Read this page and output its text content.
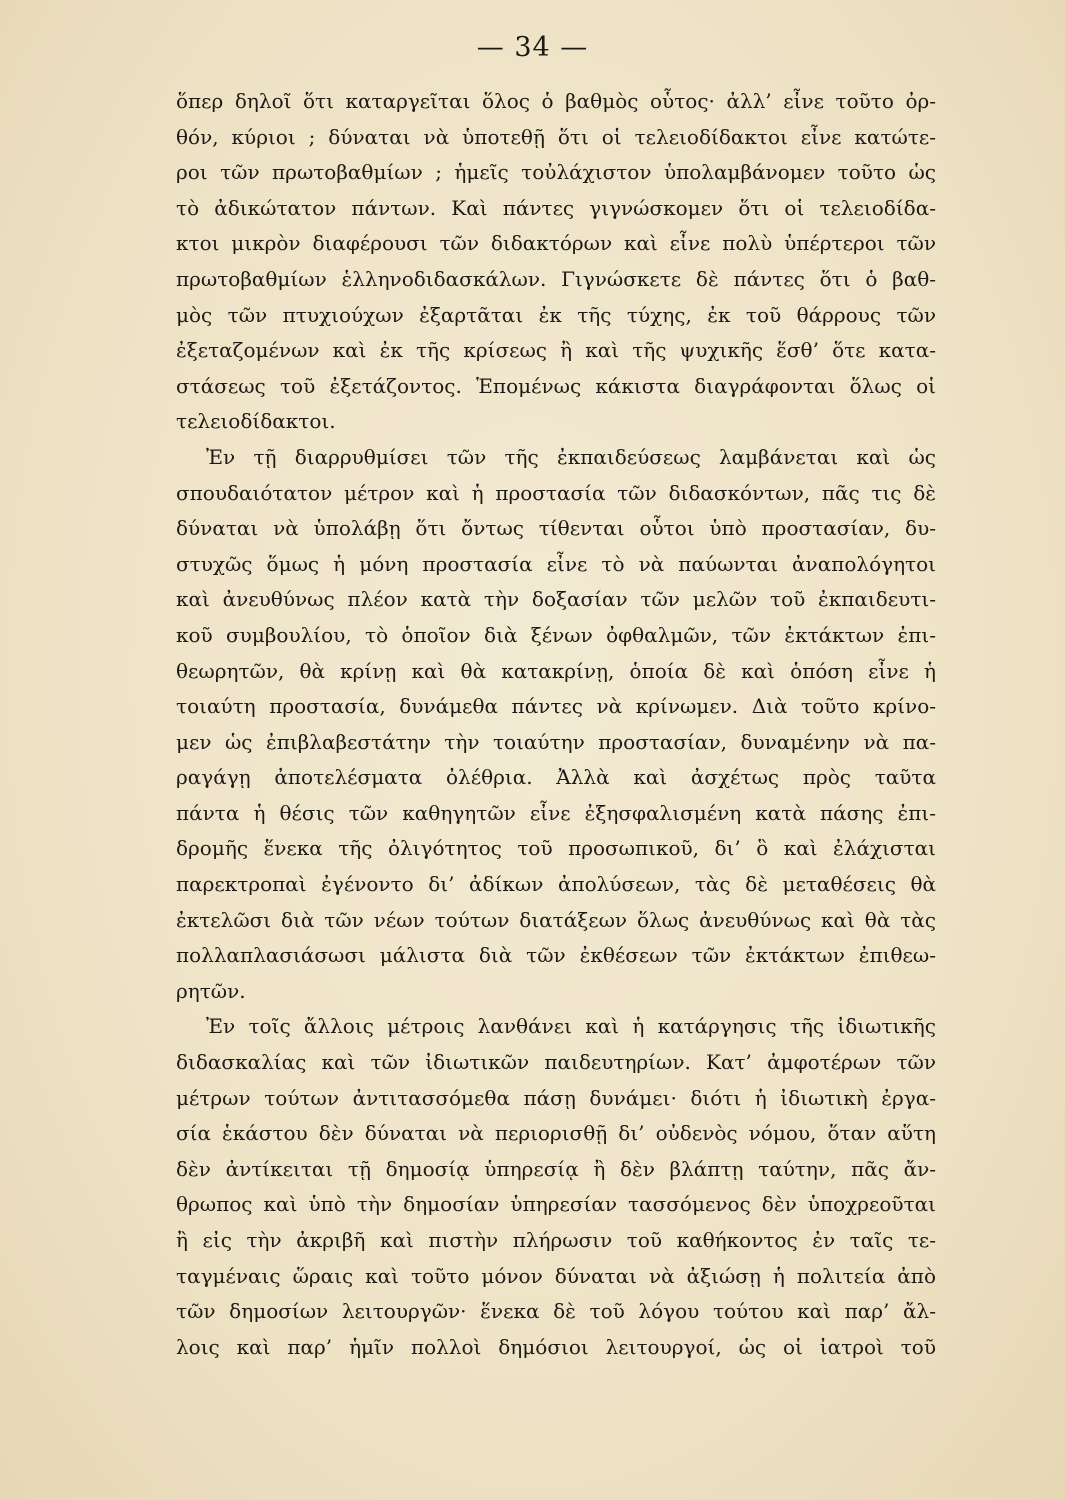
— 34 —
ὅπερ δηλοῖ ὅτι καταργεῖται ὅλος ὁ βαθμὸς οὗτος· ἀλλ’ εἶνε τοῦτο ὀρ-
θόν, κύριοι ; δύναται νὰ ὑποτεθῇ ὅτι οἱ τελειοδίδακτοι εἶνε κατώτε-
ροι τῶν πρωτοβαθμίων ; ἡμεῖς τοὐλάχιστον ὑπολαμβάνομεν τοῦτο ὡς
τὸ ἀδικώτατον πάντων. Καὶ πάντες γιγνώσκομεν ὅτι οἱ τελειοδίδα-
κτοι μικρὸν διαφέρουσι τῶν διδακτόρων καὶ εἶνε πολὺ ὑπέρτεροι τῶν
πρωτοβαθμίων ἑλληνοδιδασκάλων. Γιγνώσκετε δὲ πάντες ὅτι ὁ βαθ-
μὸς τῶν πτυχιούχων ἐξαρτᾶται ἐκ τῆς τύχης, ἐκ τοῦ θάρρους τῶν
ἐξεταζομένων καὶ ἐκ τῆς κρίσεως ἢ καὶ τῆς ψυχικῆς ἕσθ’ ὅτε κατα-
στάσεως τοῦ ἐξετάζοντος. Ἑπομένως κάκιστα διαγράφονται ὅλως οἱ
τελειοδίδακτοι.
Ἐν τῇ διαρρυθμίσει τῶν τῆς ἐκπαιδεύσεως λαμβάνεται καὶ ὡς
σπουδαιότατον μέτρον καὶ ἡ προστασία τῶν διδασκόντων, πᾶς τις δὲ
δύναται νὰ ὑπολάβῃ ὅτι ὄντως τίθενται οὗτοι ὑπὸ προστασίαν, δυ-
στυχῶς ὅμως ἡ μόνη προστασία εἶνε τὸ νὰ παύωνται ἀναπολόγητοι
καὶ ἀνευθύνως πλέον κατὰ τὴν δοξασίαν τῶν μελῶν τοῦ ἐκπαιδευτι-
κοῦ συμβουλίου, τὸ ὁποῖον διὰ ξένων ὀφθαλμῶν, τῶν ἐκτάκτων ἐπι-
θεωρητῶν, θὰ κρίνῃ καὶ θὰ κατακρίνῃ, ὁποία δὲ καὶ ὁπόση εἶνε ἡ
τοιαύτη προστασία, δυνάμεθα πάντες νὰ κρίνωμεν. Διὰ τοῦτο κρίνο-
μεν ὡς ἐπιβλαβεστάτην τὴν τοιαύτην προστασίαν, δυναμένην νὰ πα-
ραγάγῃ ἀποτελέσματα ὀλέθρια. Ἀλλὰ καὶ ἀσχέτως πρὸς ταῦτα
πάντα ἡ θέσις τῶν καθηγητῶν εἶνε ἐξησφαλισμένη κατὰ πάσης ἐπι-
δρομῆς ἕνεκα τῆς ὀλιγότητος τοῦ προσωπικοῦ, δι’ ὃ καὶ ἐλάχισται
παρεκτροπαὶ ἐγένοντο δι’ ἀδίκων ἀπολύσεων, τὰς δὲ μεταθέσεις θὰ
ἐκτελῶσι διὰ τῶν νέων τούτων διατάξεων ὅλως ἀνευθύνως καὶ θὰ τὰς
πολλαπλασιάσωσι μάλιστα διὰ τῶν ἐκθέσεων τῶν ἐκτάκτων ἐπιθεω-
ρητῶν.
Ἐν τοῖς ἄλλοις μέτροις λανθάνει καὶ ἡ κατάργησις τῆς ἰδιωτικῆς
διδασκαλίας καὶ τῶν ἰδιωτικῶν παιδευτηρίων. Κατ’ ἀμφοτέρων τῶν
μέτρων τούτων ἀντιτασσόμεθα πάσῃ δυνάμει· διότι ἡ ἰδιωτικὴ ἐργα-
σία ἑκάστου δὲν δύναται νὰ περιορισθῇ δι’ οὐδενὸς νόμου, ὅταν αὕτη
δὲν ἀντίκειται τῇ δημοσίᾳ ὑπηρεσίᾳ ἢ δὲν βλάπτῃ ταύτην, πᾶς ἄν-
θρωπος καὶ ὑπὸ τὴν δημοσίαν ὑπηρεσίαν τασσόμενος δὲν ὑποχρεοῦται
ἢ εἰς τὴν ἀκριβῆ καὶ πιστὴν πλήρωσιν τοῦ καθήκοντος ἐν ταῖς τε-
ταγμέναις ὥραις καὶ τοῦτο μόνον δύναται νὰ ἀξιώσῃ ἡ πολιτεία ἀπὸ
τῶν δημοσίων λειτουργῶν· ἕνεκα δὲ τοῦ λόγου τούτου καὶ παρ’ ἄλ-
λοις καὶ παρ’ ἡμῖν πολλοὶ δημόσιοι λειτουργοί, ὡς οἱ ἰατροὶ τοῦ
